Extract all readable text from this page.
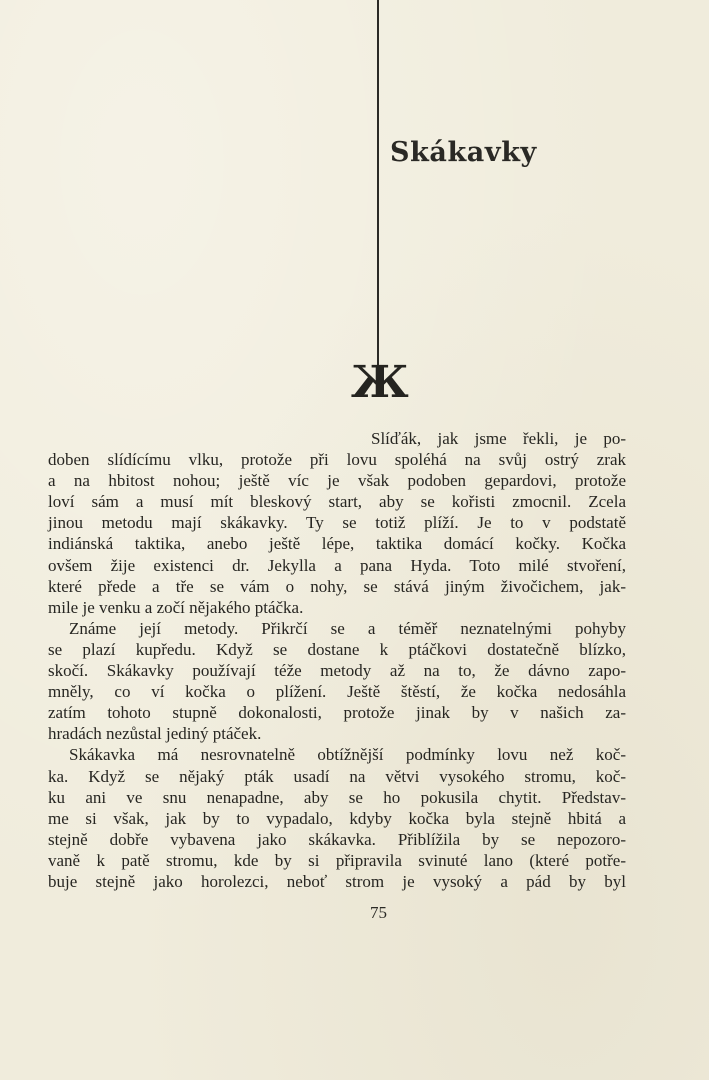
Skákavky
Ж
Slíďák, jak jsme řekli, je po-
doben slídícímu vlku, protože při lovu spoléhá na svůj ostrý zrak
a na hbitost nohou; ještě víc je však podoben gepardovi, protože
loví sám a musí mít bleskový start, aby se kořisti zmocnil. Zcela
jinou metodu mají skákavky. Ty se totiž plíží. Je to v podstatě
indiánská taktika, anebo ještě lépe, taktika domácí kočky. Kočka
ovšem žije existenci dr. Jekylla a pana Hyda. Toto milé stvoření,
které přede a tře se vám o nohy, se stává jiným živočichem, jak-
mile je venku a zočí nějakého ptáčka.
Známe její metody. Přikrčí se a téměř neznatelnými pohyby
se plazí kupředu. Když se dostane k ptáčkovi dostatečně blízko,
skočí. Skákavky používají téže metody až na to, že dávno zapo-
mněly, co ví kočka o plížení. Ještě štěstí, že kočka nedosáhla
zatím tohoto stupně dokonalosti, protože jinak by v našich za-
hradách nezůstal jediný ptáček.
Skákavka má nesrovnatelně obtížnější podmínky lovu než koč-
ka. Když se nějaký pták usadí na větvi vysokého stromu, koč-
ku ani ve snu nenapadne, aby se ho pokusila chytit. Představ-
me si však, jak by to vypadalo, kdyby kočka byla stejně hbitá a
stejně dobře vybavena jako skákavka. Přiblížila by se nepozoro-
vaně k patě stromu, kde by si připravila svinuté lano (které potře-
buje stejně jako horolezci, neboť strom je vysoký a pád by byl
75
